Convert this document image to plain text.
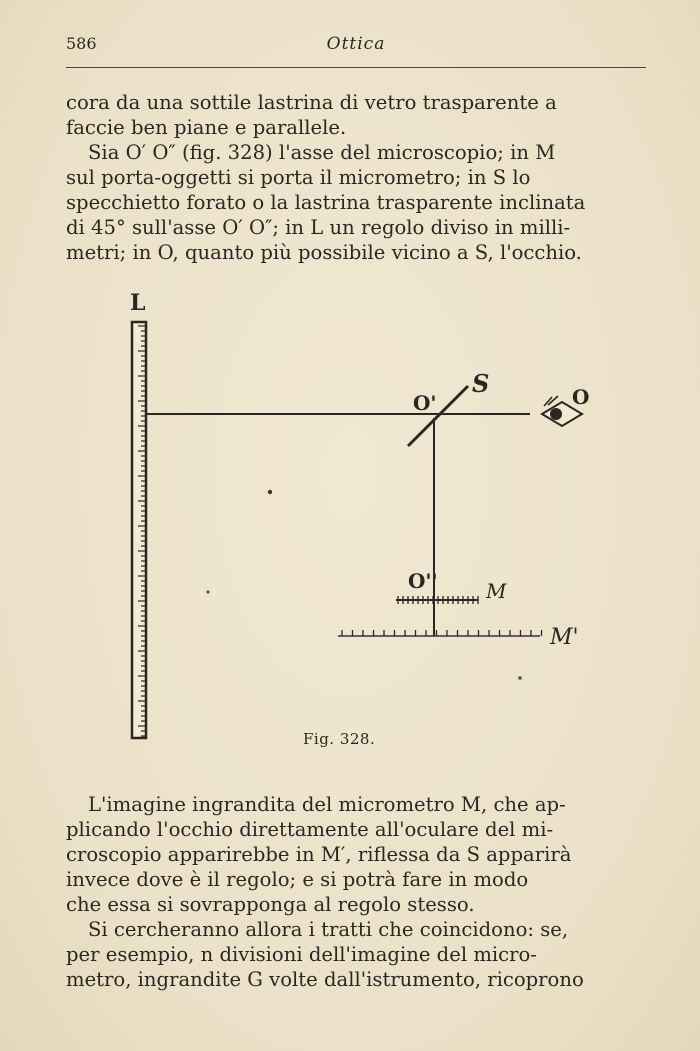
586	Ottica
cora da una sottile lastrina di vetro trasparente a
faccie ben piane e parallele.
Sia O′ O″ (fig. 328) l'asse del microscopio; in M
sul porta-oggetti si porta il micrometro; in S lo
specchietto forato o la lastrina trasparente inclinata
di 45° sull'asse O′ O″; in L un regolo diviso in milli-
metri; in O, quanto più possibile vicino a S, l'occhio.
L
O'
S	O
O'' M
M'
Fig. 328.
L'imagine ingrandita del micrometro M, che ap-
plicando l'occhio direttamente all'oculare del mi-
croscopio apparirebbe in M′, riflessa da S apparirà
invece dove è il regolo; e si potrà fare in modo
che essa si sovrapponga al regolo stesso.
Si cercheranno allora i tratti che coincidono: se,
per esempio, n divisioni dell'imagine del micro-
metro, ingrandite G volte dall'istrumento, ricoprono
